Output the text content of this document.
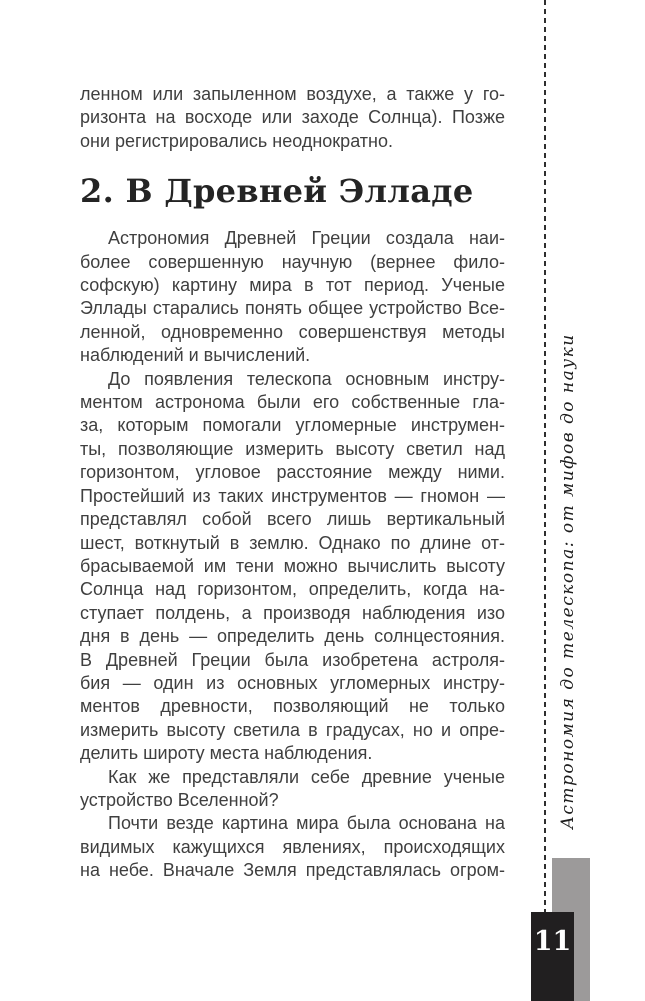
ленном или запыленном воздухе, а также у го-
ризонта на восходе или заходе Солнца). Позже
они регистрировались неоднократно.
2. В Древней Элладе
Астрономия Древней Греции создала наи-
более совершенную научную (вернее фило-
софскую) картину мира в тот период. Ученые
Эллады старались понять общее устройство Все-
ленной, одновременно совершенствуя методы
наблюдений и вычислений.
До появления телескопа основным инстру-
ментом астронома были его собственные гла-
за, которым помогали угломерные инструмен-
ты, позволяющие измерить высоту светил над
горизонтом, угловое расстояние между ними.
Простейший из таких инструментов — гномон —
представлял собой всего лишь вертикальный
шест, воткнутый в землю. Однако по длине от-
брасываемой им тени можно вычислить высоту
Солнца над горизонтом, определить, когда на-
ступает полдень, а производя наблюдения изо
дня в день — определить день солнцестояния.
В Древней Греции была изобретена астроля-
бия — один из основных угломерных инстру-
ментов древности, позволяющий не только
измерить высоту светила в градусах, но и опре-
делить широту места наблюдения.
Как же представляли себе древние ученые
устройство Вселенной?
Почти везде картина мира была основана на
видимых кажущихся явлениях, происходящих
на небе. Вначале Земля представлялась огром-
Астрономия до телескопа: от мифов до науки
11
